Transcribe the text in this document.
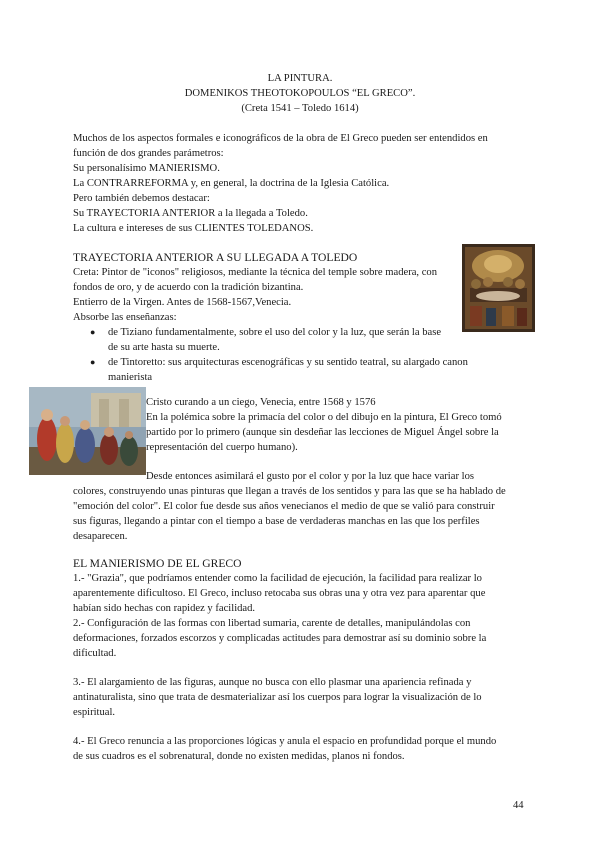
LA PINTURA.
DOMENIKOS THEOTOKOPOULOS “EL GRECO”.
(Creta 1541 – Toledo 1614)
Muchos de los aspectos formales e iconográficos de la obra de El Greco pueden ser entendidos en
función de dos grandes parámetros:
Su personalísimo MANIERISMO.
La CONTRARREFORMA y, en general, la doctrina de la Iglesia Católica.
Pero también debemos destacar:
Su TRAYECTORIA ANTERIOR a la llegada a Toledo.
La cultura e intereses de sus CLIENTES TOLEDANOS.
TRAYECTORIA ANTERIOR A SU LLEGADA A TOLEDO
Creta: Pintor de "iconos" religiosos, mediante la técnica del temple sobre madera, con
fondos de oro, y de acuerdo con la tradición bizantina.
Entierro de la Virgen. Antes de 1568-1567,Venecia.
Absorbe las enseñanzas:
● de Tiziano fundamentalmente, sobre el uso del color y la luz, que serán la base
de su arte hasta su muerte.
● de Tintoretto: sus arquitecturas escenográficas y su sentido teatral, su alargado canon
manierista
Cristo curando a un ciego, Venecia, entre 1568 y 1576
En la polémica sobre la primacía del color o del dibujo en la pintura, El Greco tomó
partido por lo primero (aunque sin desdeñar las lecciones de Miguel Ángel sobre la
representación del cuerpo humano).
Desde entonces asimilará el gusto por el color y por la luz que hace variar los
colores, construyendo unas pinturas que llegan a través de los sentidos y para las que se ha hablado de
"emoción del color". El color fue desde sus años venecianos el medio de que se valió para construir
sus figuras, llegando a pintar con el tiempo a base de verdaderas manchas en las que los perfiles
desaparecen.
EL MANIERISMO DE EL GRECO
1.- "Grazia", que podríamos entender como la facilidad de ejecución, la facilidad para realizar lo
aparentemente dificultoso. El Greco, incluso retocaba sus obras una y otra vez para aparentar que
habían sido hechas con rapidez y facilidad.
2.- Configuración de las formas con libertad sumaria, carente de detalles, manipulándolas con
deformaciones, forzados escorzos y complicadas actitudes para demostrar así su dominio sobre la
dificultad.
3.- El alargamiento de las figuras, aunque no busca con ello plasmar una apariencia refinada y
antinaturalista, sino que trata de desmaterializar así los cuerpos para lograr la visualización de lo
espiritual.
4.- El Greco renuncia a las proporciones lógicas y anula el espacio en profundidad porque el mundo
de sus cuadros es el sobrenatural, donde no existen medidas, planos ni fondos.
44
